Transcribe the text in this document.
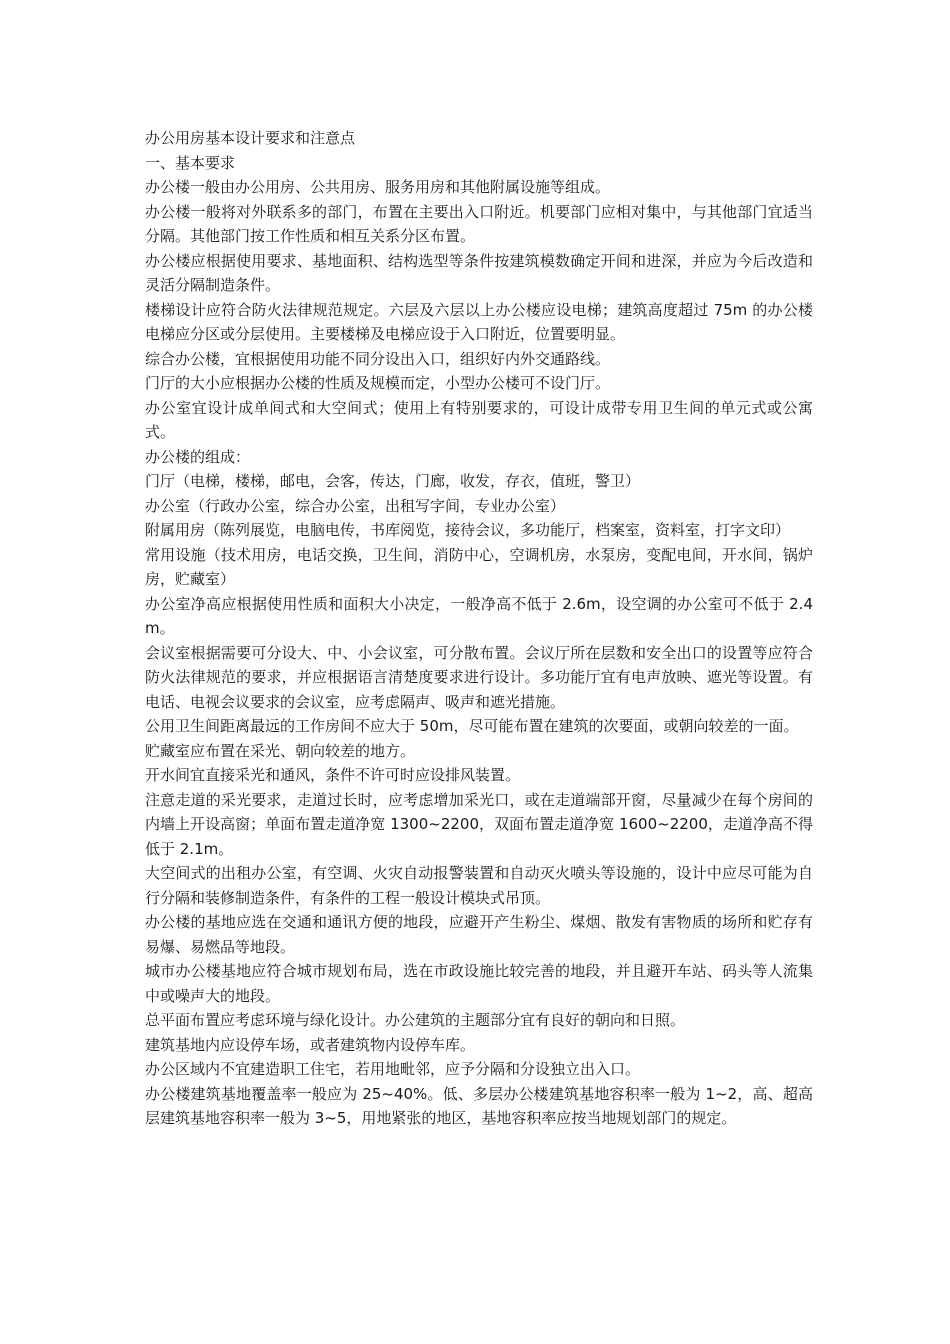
办公用房基本设计要求和注意点

一、基本要求

办公楼一般由办公用房、公共用房、服务用房和其他附属设施等组成。

办公楼一般将对外联系多的部门，布置在主要出入口附近。机要部门应相对集中，与其他部门宜适当分隔。其他部门按工作性质和相互关系分区布置。

办公楼应根据使用要求、基地面积、结构选型等条件按建筑模数确定开间和进深，并应为今后改造和灵活分隔制造条件。

楼梯设计应符合防火法律规范规定。六层及六层以上办公楼应设电梯；建筑高度超过 75m 的办公楼电梯应分区或分层使用。主要楼梯及电梯应设于入口附近，位置要明显。

综合办公楼，宜根据使用功能不同分设出入口，组织好内外交通路线。

门厅的大小应根据办公楼的性质及规模而定，小型办公楼可不设门厅。

办公室宜设计成单间式和大空间式；使用上有特别要求的，可设计成带专用卫生间的单元式或公寓式。

办公楼的组成：

门厅（电梯，楼梯，邮电，会客，传达，门廊，收发，存衣，值班，警卫）

办公室（行政办公室，综合办公室，出租写字间，专业办公室）

附属用房（陈列展览，电脑电传，书库阅览，接待会议，多功能厅，档案室，资料室，打字文印）

常用设施（技术用房，电话交换，卫生间，消防中心，空调机房，水泵房，变配电间，开水间，锅炉房，贮藏室）

办公室净高应根据使用性质和面积大小决定，一般净高不低于 2.6m，设空调的办公室可不低于 2.4m。

会议室根据需要可分设大、中、小会议室，可分散布置。会议厅所在层数和安全出口的设置等应符合防火法律规范的要求，并应根据语言清楚度要求进行设计。多功能厅宜有电声放映、遮光等设置。有电话、电视会议要求的会议室，应考虑隔声、吸声和遮光措施。

公用卫生间距离最远的工作房间不应大于 50m，尽可能布置在建筑的次要面，或朝向较差的一面。

贮藏室应布置在采光、朝向较差的地方。

开水间宜直接采光和通风，条件不许可时应设排风装置。

注意走道的采光要求，走道过长时，应考虑增加采光口，或在走道端部开窗，尽量减少在每个房间的内墙上开设高窗；单面布置走道净宽 1300~2200，双面布置走道净宽 1600~2200，走道净高不得低于 2.1m。

大空间式的出租办公室，有空调、火灾自动报警装置和自动灭火喷头等设施的，设计中应尽可能为自行分隔和装修制造条件，有条件的工程一般设计模块式吊顶。

办公楼的基地应选在交通和通讯方便的地段，应避开产生粉尘、煤烟、散发有害物质的场所和贮存有易爆、易燃品等地段。

城市办公楼基地应符合城市规划布局，选在市政设施比较完善的地段，并且避开车站、码头等人流集中或噪声大的地段。

总平面布置应考虑环境与绿化设计。办公建筑的主题部分宜有良好的朝向和日照。

建筑基地内应设停车场，或者建筑物内设停车库。

办公区域内不宜建造职工住宅，若用地毗邻，应予分隔和分设独立出入口。

办公楼建筑基地覆盖率一般应为 25~40%。低、多层办公楼建筑基地容积率一般为 1~2，高、超高层建筑基地容积率一般为 3~5，用地紧张的地区，基地容积率应按当地规划部门的规定。
